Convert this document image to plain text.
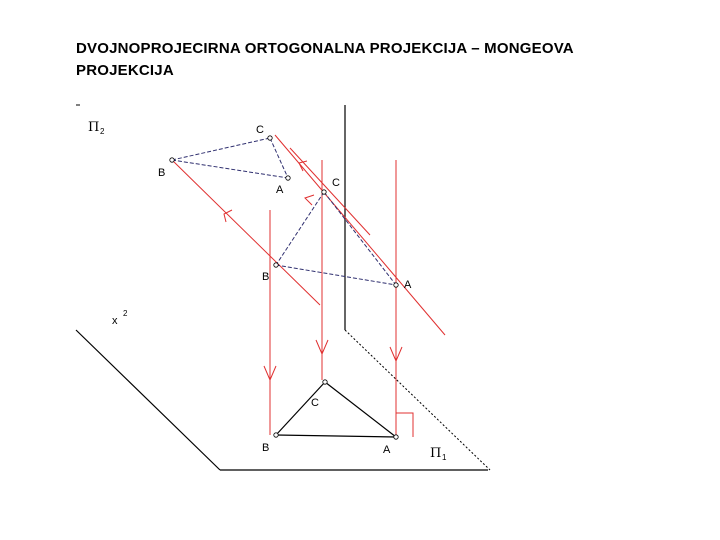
DVOJNOPROJECIRNA ORTOGONALNA PROJEKCIJA – MONGEOVA
PROJEKCIJA
Π 2
Π 1
x
2
C
B
A
C
B
A
C
B	A
